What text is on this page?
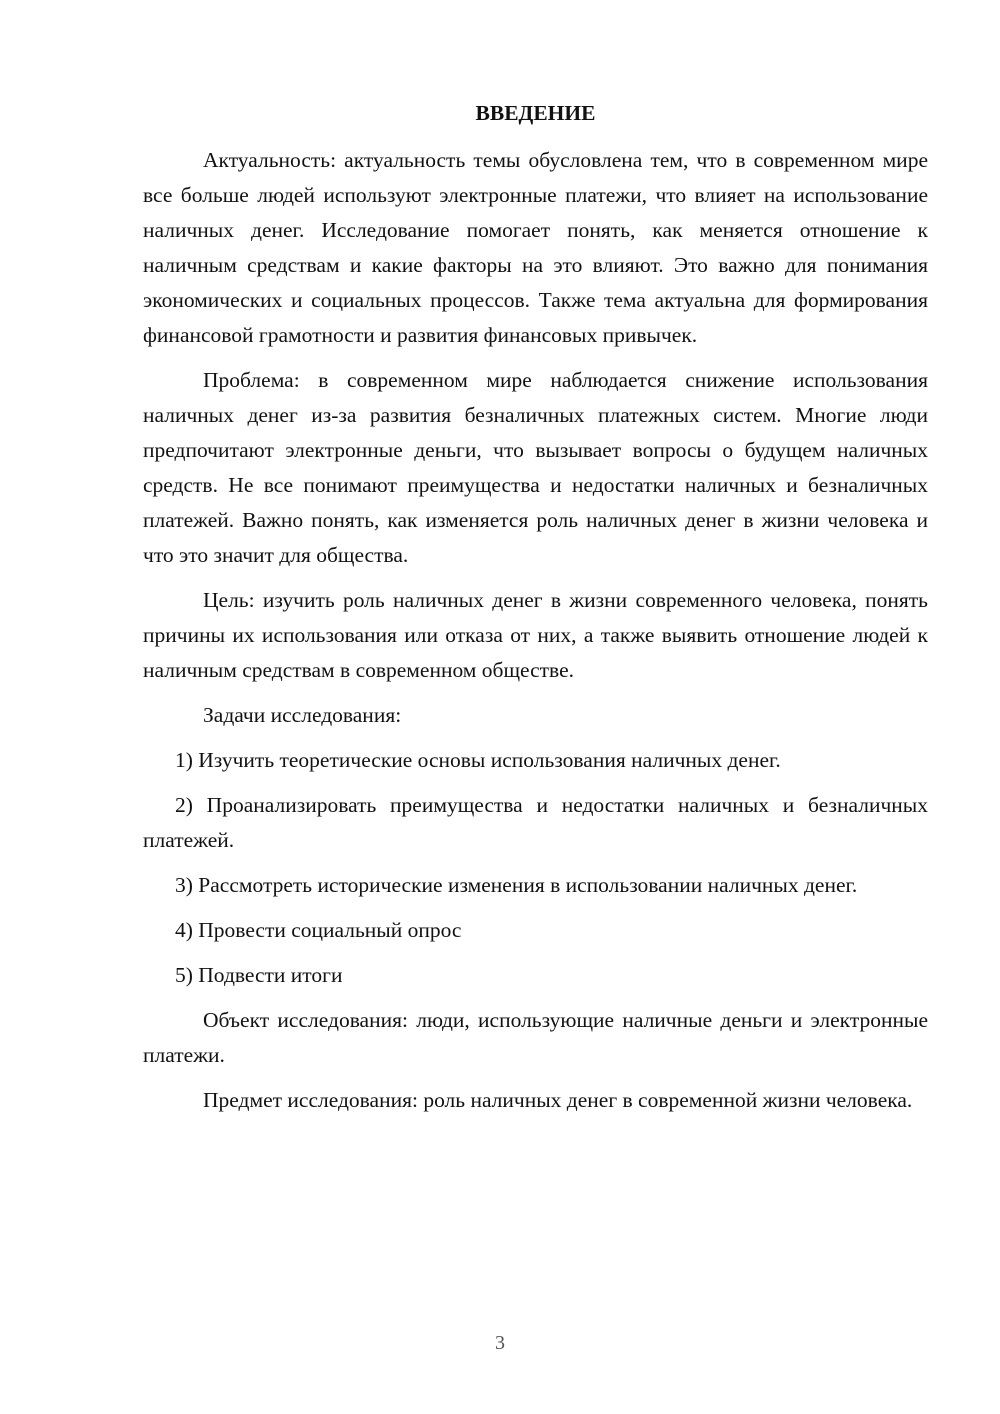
ВВЕДЕНИЕ

Актуальность: актуальность темы обусловлена тем, что в современном мире все больше людей используют электронные платежи, что влияет на использование наличных денег. Исследование помогает понять, как меняется отношение к наличным средствам и какие факторы на это влияют. Это важно для понимания экономических и социальных процессов. Также тема актуальна для формирования финансовой грамотности и развития финансовых привычек.

Проблема: в современном мире наблюдается снижение использования наличных денег из-за развития безналичных платежных систем. Многие люди предпочитают электронные деньги, что вызывает вопросы о будущем наличных средств. Не все понимают преимущества и недостатки наличных и безналичных платежей. Важно понять, как изменяется роль наличных денег в жизни человека и что это значит для общества.

Цель: изучить роль наличных денег в жизни современного человека, понять причины их использования или отказа от них, а также выявить отношение людей к наличным средствам в современном обществе.

Задачи исследования:

1) Изучить теоретические основы использования наличных денег.

2) Проанализировать преимущества и недостатки наличных и безналичных платежей.

3) Рассмотреть исторические изменения в использовании наличных денег.

4) Провести социальный опрос

5) Подвести итоги

Объект исследования: люди, использующие наличные деньги и электронные платежи.

Предмет исследования: роль наличных денег в современной жизни человека.

3
